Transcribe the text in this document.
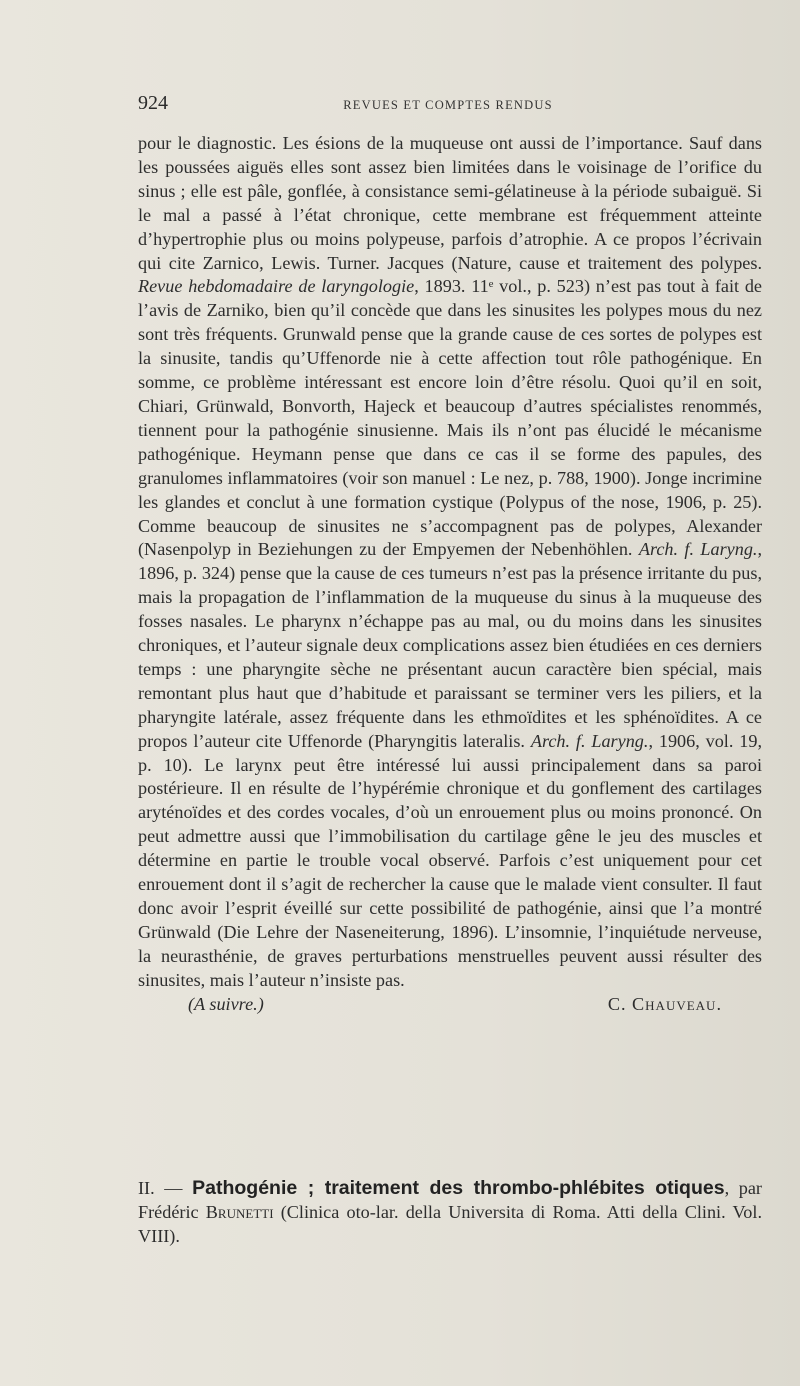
924	REVUES ET COMPTES RENDUS

pour le diagnostic. Les ésions de la muqueuse ont aussi de l’importance. Sauf dans les poussées aiguës elles sont assez bien limitées dans le voisinage de l’orifice du sinus ; elle est pâle, gonflée, à consistance semi-gélatineuse à la période subaiguë. Si le mal a passé à l’état chronique, cette membrane est fréquemment atteinte d’hypertrophie plus ou moins polypeuse, parfois d’atrophie. A ce propos l’écrivain qui cite Zarnico, Lewis. Turner. Jacques (Nature, cause et traitement des polypes. Revue hebdomadaire de laryngologie, 1893. 11ᵉ vol., p. 523) n’est pas tout à fait de l’avis de Zarniko, bien qu’il concède que dans les sinusites les polypes mous du nez sont très fréquents. Grunwald pense que la grande cause de ces sortes de polypes est la sinusite, tandis qu’Uffenorde nie à cette affection tout rôle pathogénique. En somme, ce problème intéressant est encore loin d’être résolu. Quoi qu’il en soit, Chiari, Grünwald, Bonvorth, Hajeck et beaucoup d’autres spécialistes renommés, tiennent pour la pathogénie sinusienne. Mais ils n’ont pas élucidé le mécanisme pathogénique. Heymann pense que dans ce cas il se forme des papules, des granulomes inflammatoires (voir son manuel : Le nez, p. 788, 1900). Jonge incrimine les glandes et conclut à une formation cystique (Polypus of the nose, 1906, p. 25). Comme beaucoup de sinusites ne s’accompagnent pas de polypes, Alexander (Nasenpolyp in Beziehungen zu der Empyemen der Nebenhöhlen. Arch. f. Laryng., 1896, p. 324) pense que la cause de ces tumeurs n’est pas la présence irritante du pus, mais la propagation de l’inflammation de la muqueuse du sinus à la muqueuse des fosses nasales. Le pharynx n’échappe pas au mal, ou du moins dans les sinusites chroniques, et l’auteur signale deux complications assez bien étudiées en ces derniers temps : une pharyngite sèche ne présentant aucun caractère bien spécial, mais remontant plus haut que d’habitude et paraissant se terminer vers les piliers, et la pharyngite latérale, assez fréquente dans les ethmoïdites et les sphénoïdites. A ce propos l’auteur cite Uffenorde (Pharyngitis lateralis. Arch. f. Laryng., 1906, vol. 19, p. 10). Le larynx peut être intéressé lui aussi principalement dans sa paroi postérieure. Il en résulte de l’hypérémie chronique et du gonflement des cartilages aryténoïdes et des cordes vocales, d’où un enrouement plus ou moins prononcé. On peut admettre aussi que l’immobilisation du cartilage gêne le jeu des muscles et détermine en partie le trouble vocal observé. Parfois c’est uniquement pour cet enrouement dont il s’agit de rechercher la cause que le malade vient consulter. Il faut donc avoir l’esprit éveillé sur cette possibilité de pathogénie, ainsi que l’a montré Grünwald (Die Lehre der Naseneiterung, 1896). L’insomnie, l’inquiétude nerveuse, la neurasthénie, de graves perturbations menstruelles peuvent aussi résulter des sinusites, mais l’auteur n’insiste pas.

(A suivre.)	C. Chauveau.
II. — Pathogénie ; traitement des thrombo-phlébites otiques, par Frédéric Brunetti (Clinica oto-lar. della Universita di Roma. Atti della Clini. Vol. VIII).
